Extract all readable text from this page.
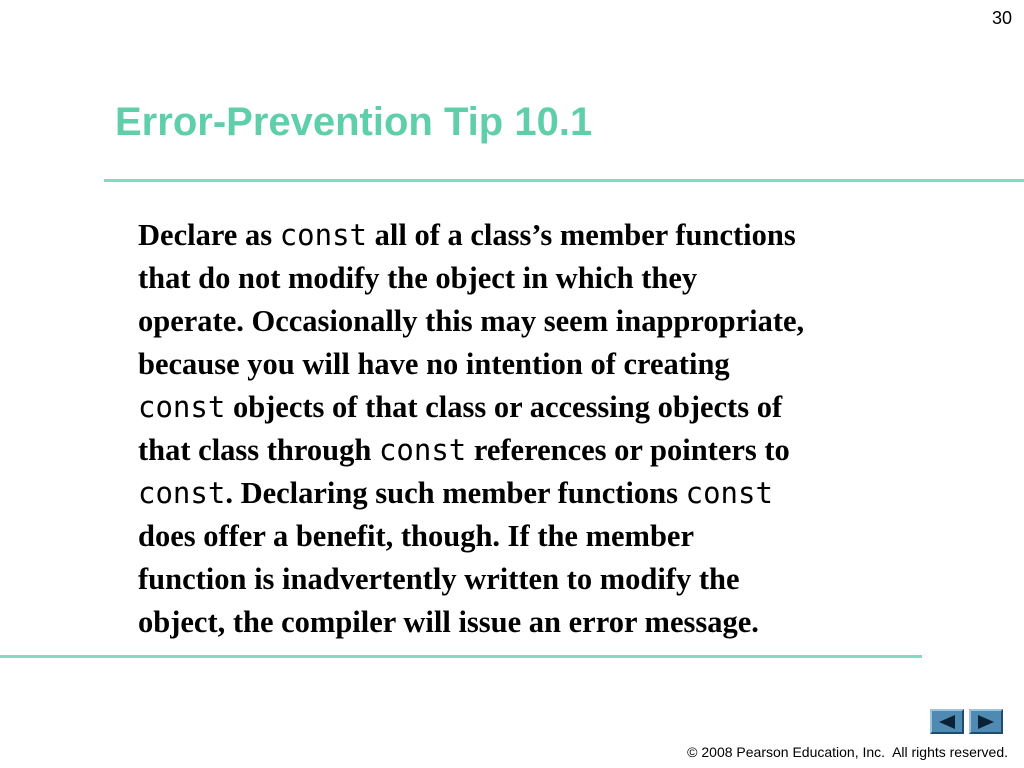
30
Error-Prevention Tip 10.1
Declare as const all of a class’s member functions
that do not modify the object in which they
operate. Occasionally this may seem inappropriate,
because you will have no intention of creating
const objects of that class or accessing objects of
that class through const references or pointers to
const. Declaring such member functions const
does offer a benefit, though. If the member
function is inadvertently written to modify the
object, the compiler will issue an error message.
© 2008 Pearson Education, Inc.  All rights reserved.
